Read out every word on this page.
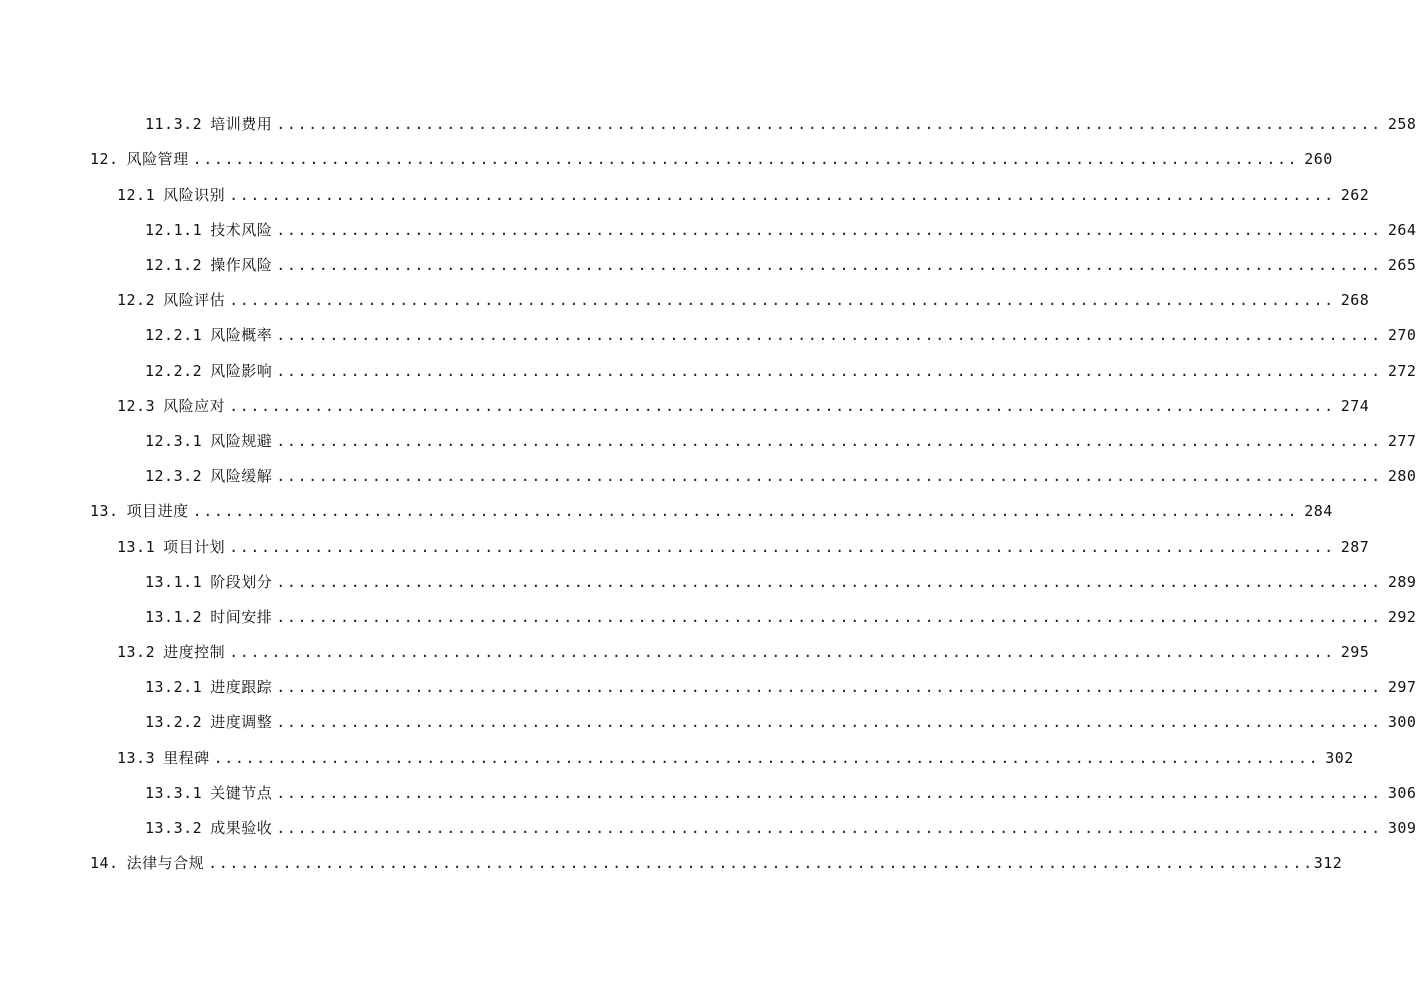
11.3.2 培训费用 ........................................................................................................ 258
12. 风险管理 ........................................................................................................ 260
12.1 风险识别 ........................................................................................................ 262
12.1.1 技术风险 ........................................................................................................ 264
12.1.2 操作风险 ........................................................................................................ 265
12.2 风险评估 ........................................................................................................ 268
12.2.1 风险概率 ........................................................................................................ 270
12.2.2 风险影响 ........................................................................................................ 272
12.3 风险应对 ........................................................................................................ 274
12.3.1 风险规避 ........................................................................................................ 277
12.3.2 风险缓解 ........................................................................................................ 280
13. 项目进度 ........................................................................................................ 284
13.1 项目计划 ........................................................................................................ 287
13.1.1 阶段划分 ........................................................................................................ 289
13.1.2 时间安排 ........................................................................................................ 292
13.2 进度控制 ........................................................................................................ 295
13.2.1 进度跟踪 ........................................................................................................ 297
13.2.2 进度调整 ........................................................................................................ 300
13.3 里程碑 ........................................................................................................ 302
13.3.1 关键节点 ........................................................................................................ 306
13.3.2 成果验收 ........................................................................................................ 309
14. 法律与合规 ........................................................................................................ 312
